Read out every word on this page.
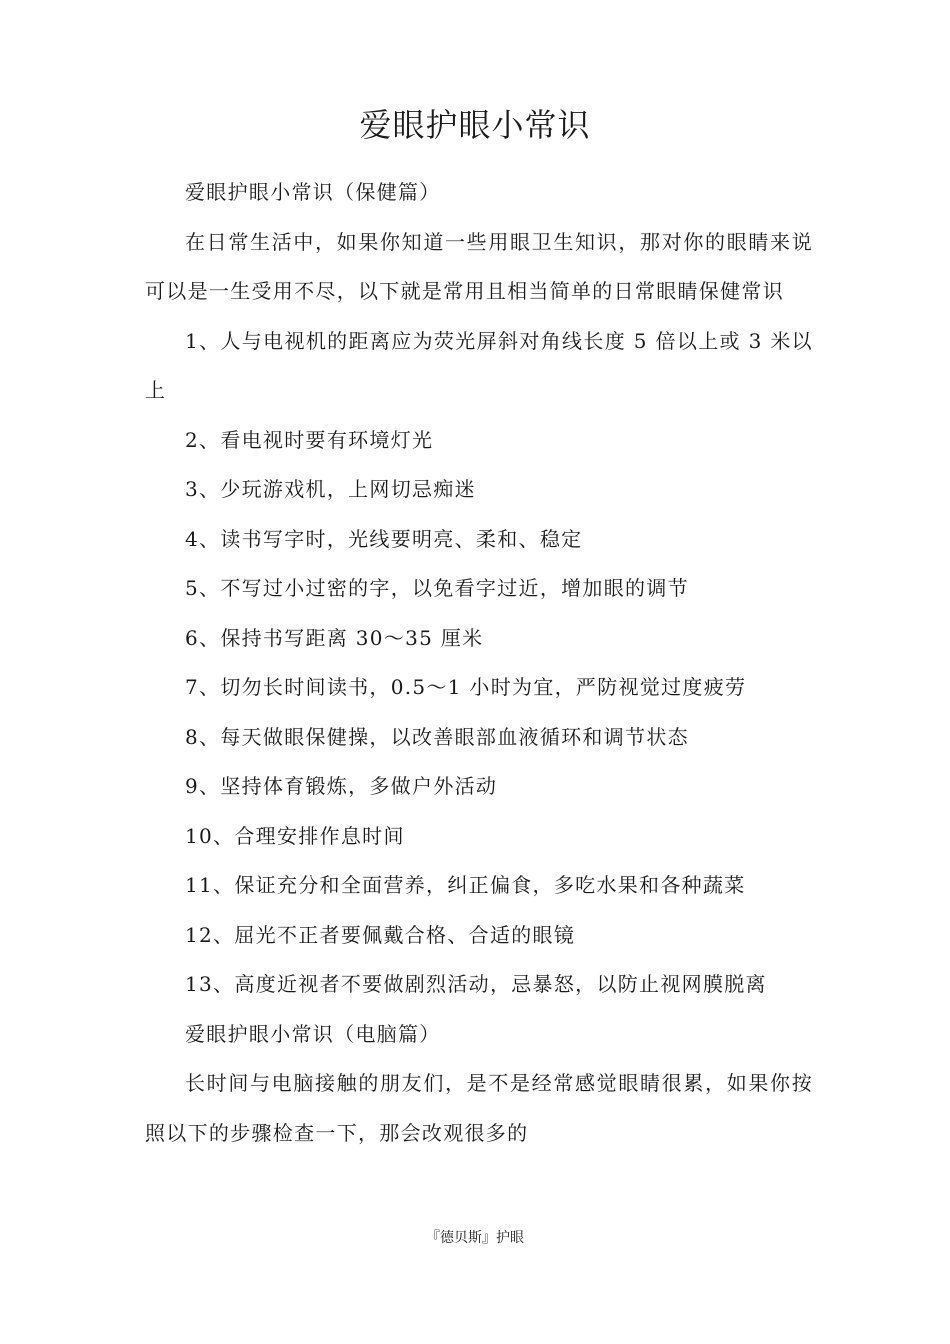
爱眼护眼小常识

爱眼护眼小常识（保健篇）

在日常生活中，如果你知道一些用眼卫生知识，那对你的眼睛来说可以是一生受用不尽，以下就是常用且相当简单的日常眼睛保健常识

1、人与电视机的距离应为荧光屏斜对角线长度 5 倍以上或 3 米以上

2、看电视时要有环境灯光

3、少玩游戏机，上网切忌痴迷

4、读书写字时，光线要明亮、柔和、稳定

5、不写过小过密的字，以免看字过近，增加眼的调节

6、保持书写距离 30～35 厘米

7、切勿长时间读书，0.5～1 小时为宜，严防视觉过度疲劳

8、每天做眼保健操，以改善眼部血液循环和调节状态

9、坚持体育锻炼，多做户外活动

10、合理安排作息时间

11、保证充分和全面营养，纠正偏食，多吃水果和各种蔬菜

12、屈光不正者要佩戴合格、合适的眼镜

13、高度近视者不要做剧烈活动，忌暴怒，以防止视网膜脱离

爱眼护眼小常识（电脑篇）

长时间与电脑接触的朋友们，是不是经常感觉眼睛很累，如果你按照以下的步骤检查一下，那会改观很多的

『德贝斯』护眼
